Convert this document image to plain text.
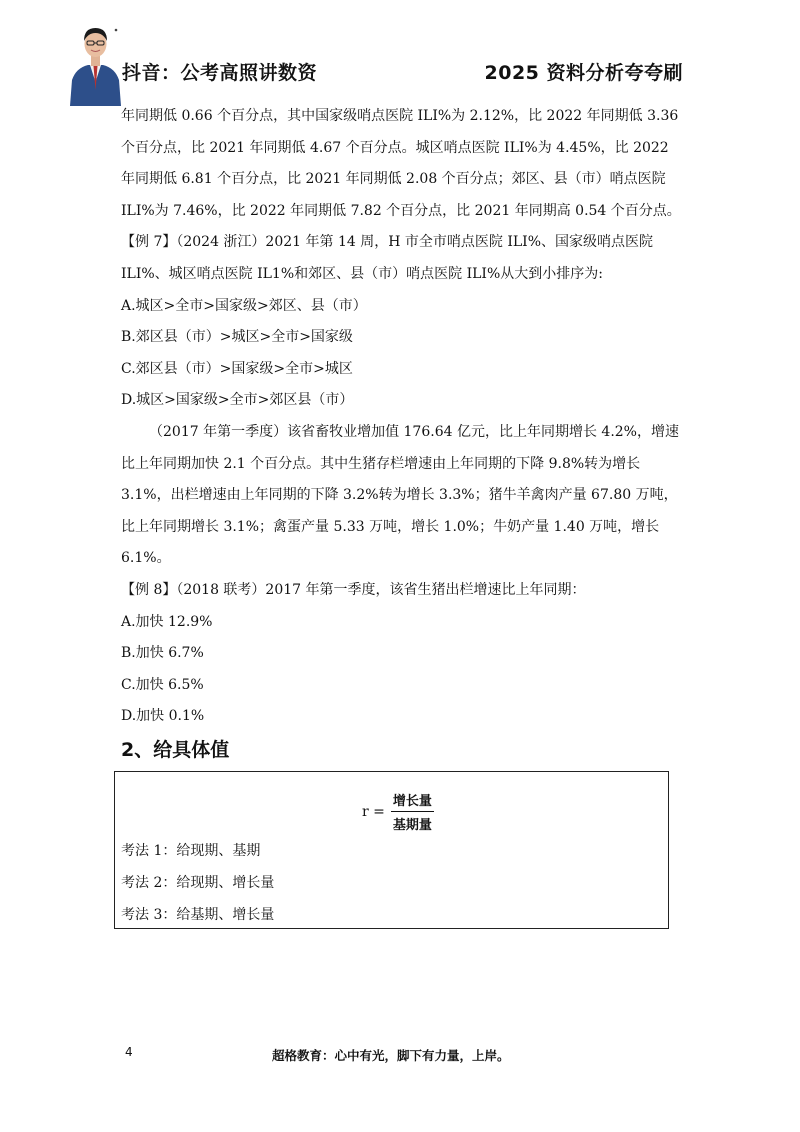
抖音：公考高照讲数资	2025 资料分析夸夸刷

年同期低 0.66 个百分点，其中国家级哨点医院 ILI%为 2.12%，比 2022 年同期低 3.36 个百分点，比 2021 年同期低 4.67 个百分点。城区哨点医院 ILI%为 4.45%，比 2022 年同期低 6.81 个百分点，比 2021 年同期低 2.08 个百分点；郊区、县（市）哨点医院 ILI%为 7.46%，比 2022 年同期低 7.82 个百分点，比 2021 年同期高 0.54 个百分点。

【例 7】（2024 浙江）2021 年第 14 周，H 市全市哨点医院 ILI%、国家级哨点医院 ILI%、城区哨点医院 IL1%和郊区、县（市）哨点医院 ILI%从大到小排序为:

A.城区>全市>国家级>郊区、县（市）

B.郊区县（市）>城区>全市>国家级

C.郊区县（市）>国家级>全市>城区

D.城区>国家级>全市>郊区县（市）

（2017 年第一季度）该省畜牧业增加值 176.64 亿元，比上年同期增长 4.2%，增速比上年同期加快 2.1 个百分点。其中生猪存栏增速由上年同期的下降 9.8%转为增长 3.1%，出栏增速由上年同期的下降 3.2%转为增长 3.3%；猪牛羊禽肉产量 67.80 万吨，比上年同期增长 3.1%；禽蛋产量 5.33 万吨，增长 1.0%；牛奶产量 1.40 万吨，增长 6.1%。

【例 8】（2018 联考）2017 年第一季度，该省生猪出栏增速比上年同期：

A.加快 12.9%

B.加快 6.7%

C.加快 6.5%

D.加快 0.1%

2、给具体值
$r = \frac{\text{增长量}}{\text{基期量}}$

考法 1：给现期、基期

考法 2：给现期、增长量

考法 3：给基期、增长量

4	超格教育：心中有光，脚下有力量，上岸。
